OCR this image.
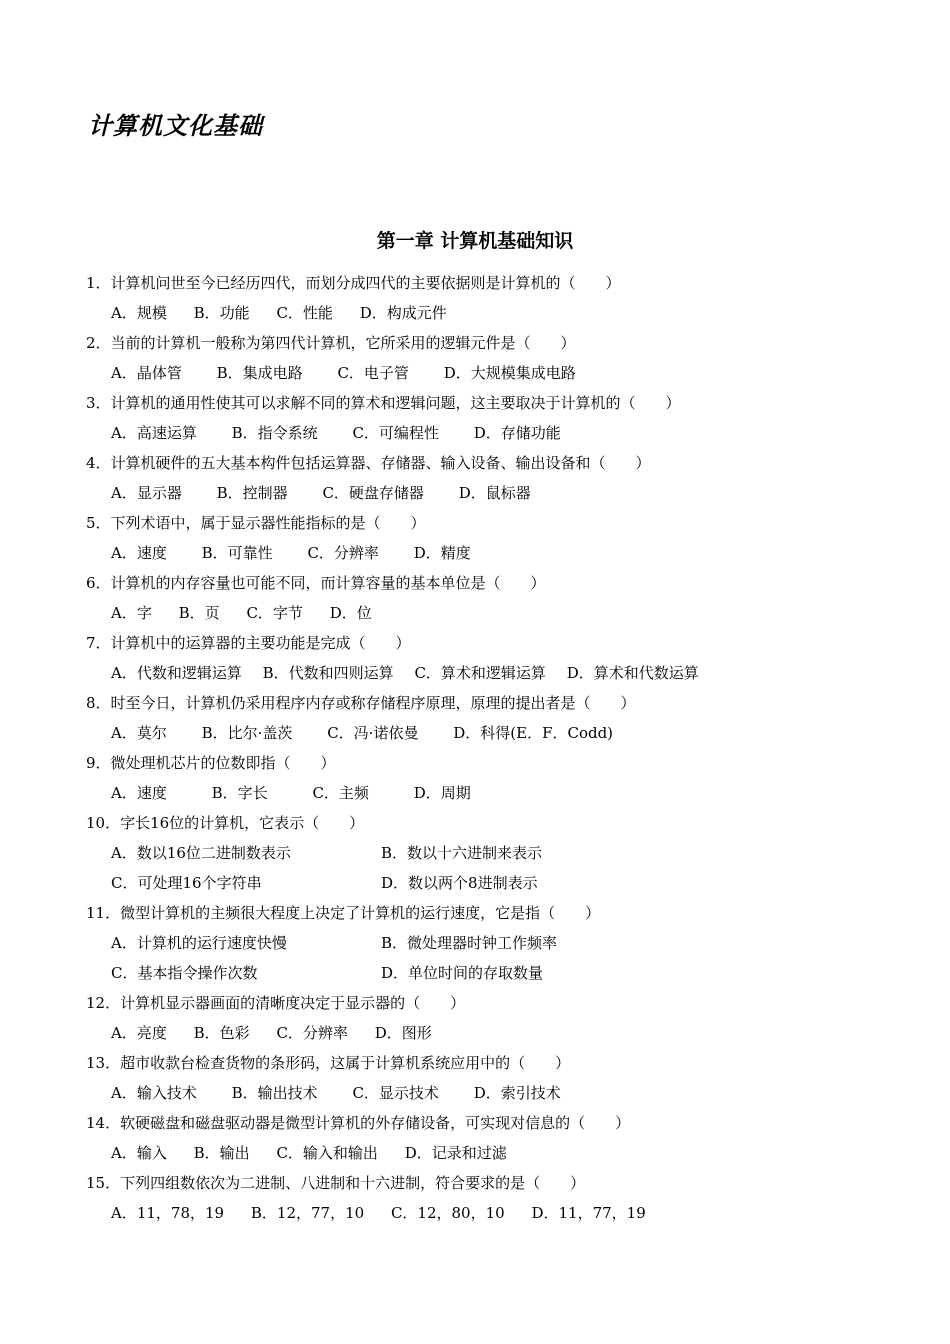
计算机文化基础
第一章 计算机基础知识
1．计算机问世至今已经历四代，而划分成四代的主要依据则是计算机的（　　）
A．规模 B．功能 C．性能 D．构成元件
2．当前的计算机一般称为第四代计算机，它所采用的逻辑元件是（　　）
A．晶体管 B．集成电路 C．电子管 D．大规模集成电路
3．计算机的通用性使其可以求解不同的算术和逻辑问题，这主要取决于计算机的（　　）
A．高速运算 B．指令系统 C．可编程性 D．存储功能
4．计算机硬件的五大基本构件包括运算器、存储器、输入设备、输出设备和（　　）
A．显示器 B．控制器 C．硬盘存储器 D．鼠标器
5．下列术语中，属于显示器性能指标的是（　　）
A．速度 B．可靠性 C．分辨率 D．精度
6．计算机的内存容量也可能不同，而计算容量的基本单位是（　　）
A．字 B．页 C．字节 D．位
7．计算机中的运算器的主要功能是完成（　　）
A．代数和逻辑运算 B．代数和四则运算 C．算术和逻辑运算 D．算术和代数运算
8．时至今日，计算机仍采用程序内存或称存储程序原理，原理的提出者是（　　）
A．莫尔 B．比尔·盖茨 C．冯·诺依曼 D．科得(E．F．Codd)
9．微处理机芯片的位数即指（　　）
A．速度	B．字长	C．主频	D．周期
10．字长16位的计算机，它表示（　　）
A．数以16位二进制数表示	B．数以十六进制来表示
C．可处理16个字符串	D．数以两个8进制表示
11．微型计算机的主频很大程度上决定了计算机的运行速度，它是指（　　）
A．计算机的运行速度快慢	B．微处理器时钟工作频率
C．基本指令操作次数	D．单位时间的存取数量
12．计算机显示器画面的清晰度决定于显示器的（　　）
A．亮度 B．色彩 C．分辨率 D．图形
13．超市收款台检查货物的条形码，这属于计算机系统应用中的（　　）
A．输入技术 B．输出技术 C．显示技术 D．索引技术
14．软硬磁盘和磁盘驱动器是微型计算机的外存储设备，可实现对信息的（　　）
A．输入 B．输出 C．输入和输出 D．记录和过滤
15．下列四组数依次为二进制、八进制和十六进制，符合要求的是（　　）
A．11，78，19 B．12，77，10 C．12，80，10 D．11，77，19
